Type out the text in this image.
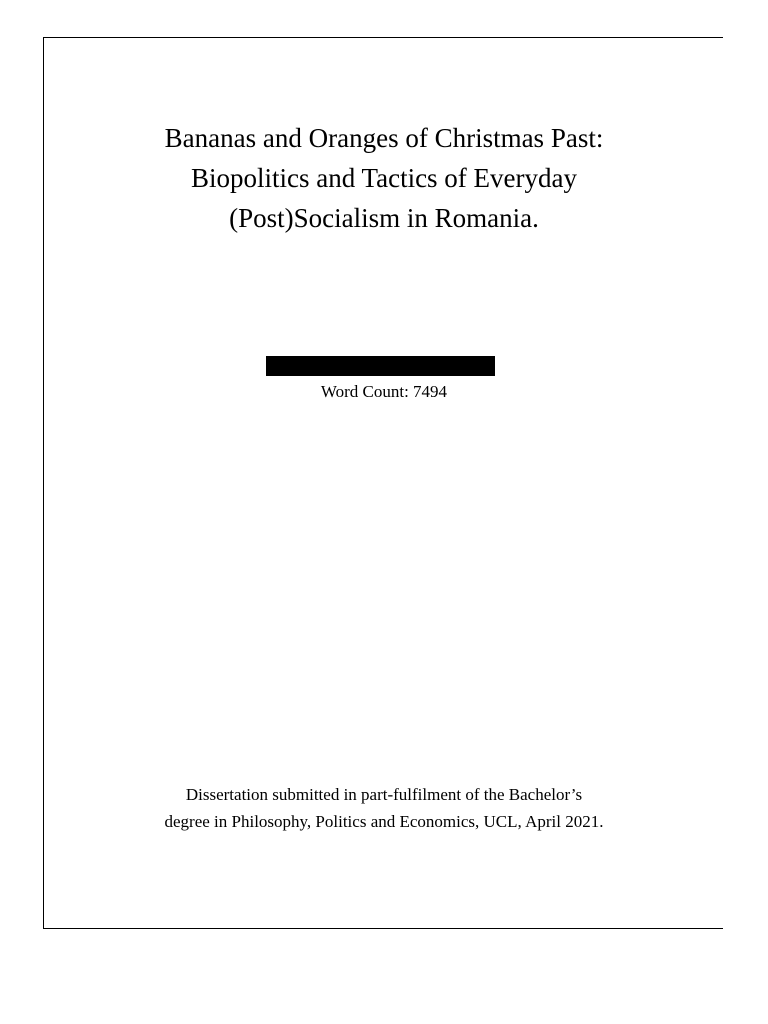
Bananas and Oranges of Christmas Past:
Biopolitics and Tactics of Everyday
(Post)Socialism in Romania.
Word Count: 7494
Dissertation submitted in part-fulfilment of the Bachelor’s
degree in Philosophy, Politics and Economics, UCL, April 2021.
